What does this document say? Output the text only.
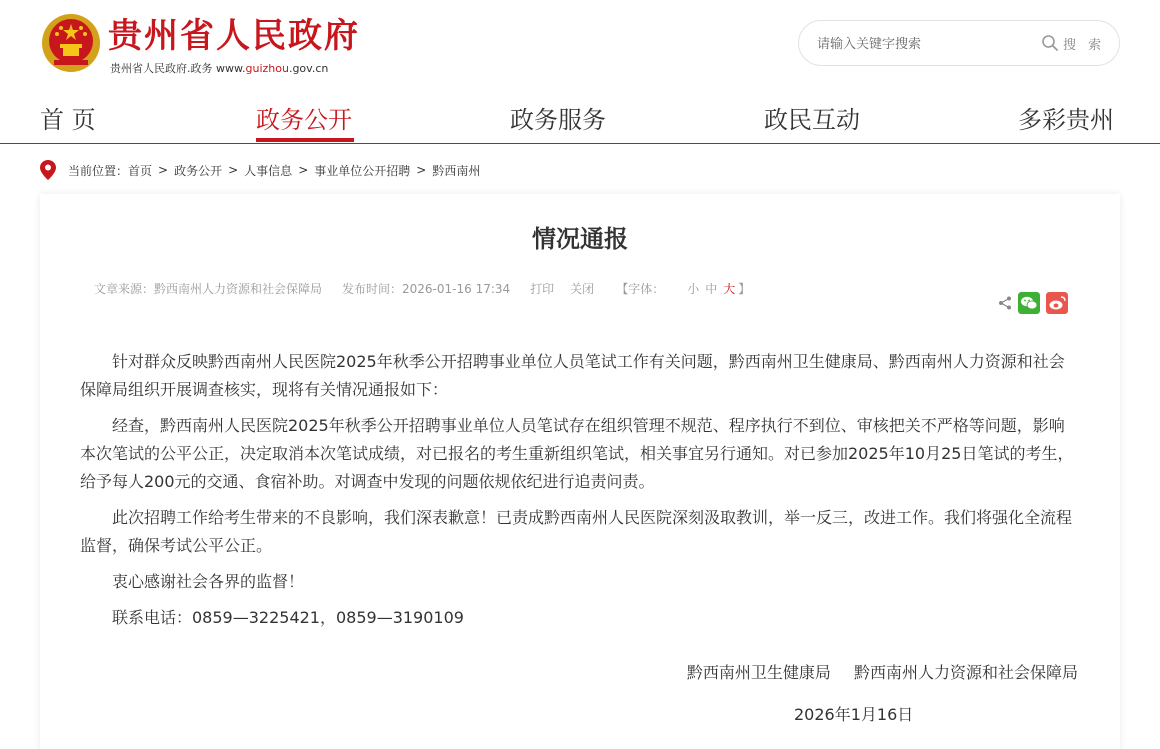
贵州省人民政府
贵州省人民政府.政务 www.guizhou.gov.cn
请输入关键字搜索
搜 索
首 页	政务公开	政务服务	政民互动	多彩贵州
当前位置： 首页 > 政务公开 > 人事信息 > 事业单位公开招聘 > 黔西南州
情况通报
文章来源：黔西南州人力资源和社会保障局 发布时间：2026-01-16 17:34 打印 关闭 【字体： 小 中 大 】

针对群众反映黔西南州人民医院2025年秋季公开招聘事业单位人员笔试工作有关问题，黔西南州卫生健康局、黔西南州人力资源和社会保障局组织开展调查核实，现将有关情况通报如下：

经查，黔西南州人民医院2025年秋季公开招聘事业单位人员笔试存在组织管理不规范、程序执行不到位、审核把关不严格等问题，影响本次笔试的公平公正，决定取消本次笔试成绩，对已报名的考生重新组织笔试，相关事宜另行通知。对已参加2025年10月25日笔试的考生，给予每人200元的交通、食宿补助。对调查中发现的问题依规依纪进行追责问责。

此次招聘工作给考生带来的不良影响，我们深表歉意！已责成黔西南州人民医院深刻汲取教训，举一反三，改进工作。我们将强化全流程监督，确保考试公平公正。

衷心感谢社会各界的监督！

联系电话：0859—3225421，0859—3190109

黔西南州卫生健康局 黔西南州人力资源和社会保障局
2026年1月16日
